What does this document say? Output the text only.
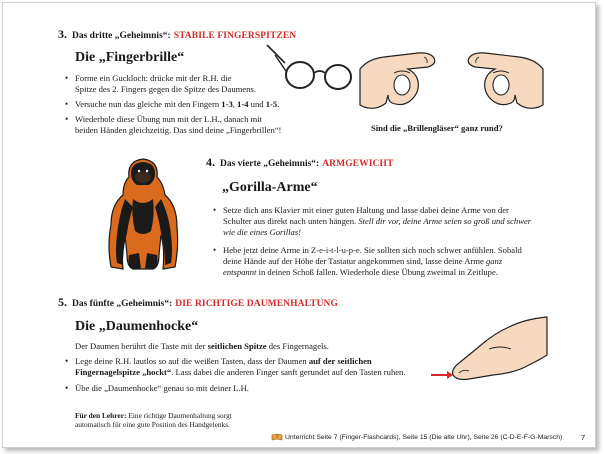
3. Das dritte „Geheimnis“: STABILE FINGERSPITZEN
Die „Fingerbrille“
• Forme ein Guckloch: drücke mit der R.H. die
Spitze des 2. Fingers gegen die Spitze des Daumens.
• Versuche nun das gleiche mit den Fingern 1-3, 1-4 und 1-5.
• Wiederhole diese Übung nun mit der L.H., danach mit
beiden Händen gleichzeitig. Das sind deine „Fingerbrillen“!	Sind die „Brillengläser“ ganz rund?
4. Das vierte „Geheimnis“: ARMGEWICHT
„Gorilla-Arme“
• Setze dich ans Klavier mit einer guten Haltung und lasse dabei deine Arme von der Schulter aus direkt nach unten hängen. Stell dir vor, deine Arme seien so groß und schwer wie die eines Gorillas!
• Hebe jetzt deine Arme in Z-e-i-t-l-u-p-e. Sie sollten sich noch schwer anfühlen. Sobald deine Hände auf der Höhe der Tastatur angekommen sind, lasse deine Arme ganz entspannt in deinen Schoß fallen. Wiederhole diese Übung zweimal in Zeitlupe.
5. Das fünfte „Geheimnis“: DIE RICHTIGE DAUMENHALTUNG
Die „Daumenhocke“
Der Daumen berührt die Taste mit der seitlichen Spitze des Fingernagels.
• Lege deine R.H. lautlos so auf die weißen Tasten, dass der Daumen auf der seitlichen Fingernagelspitze „hockt“. Lass dabei die anderen Finger sanft gerundet auf den Tasten ruhen.
• Übe die „Daumenhocke“ genau so mit deiner L.H.
Für den Lehrer: Eine richtige Daumenhaltung sorgt
automatisch für eine gute Position des Handgelenks.
Unterricht Seite 7 (Finger-Flashcards), Seite 15 (Die alte Uhr), Seite 26 (C-D-E-F-G-Marsch)	7
